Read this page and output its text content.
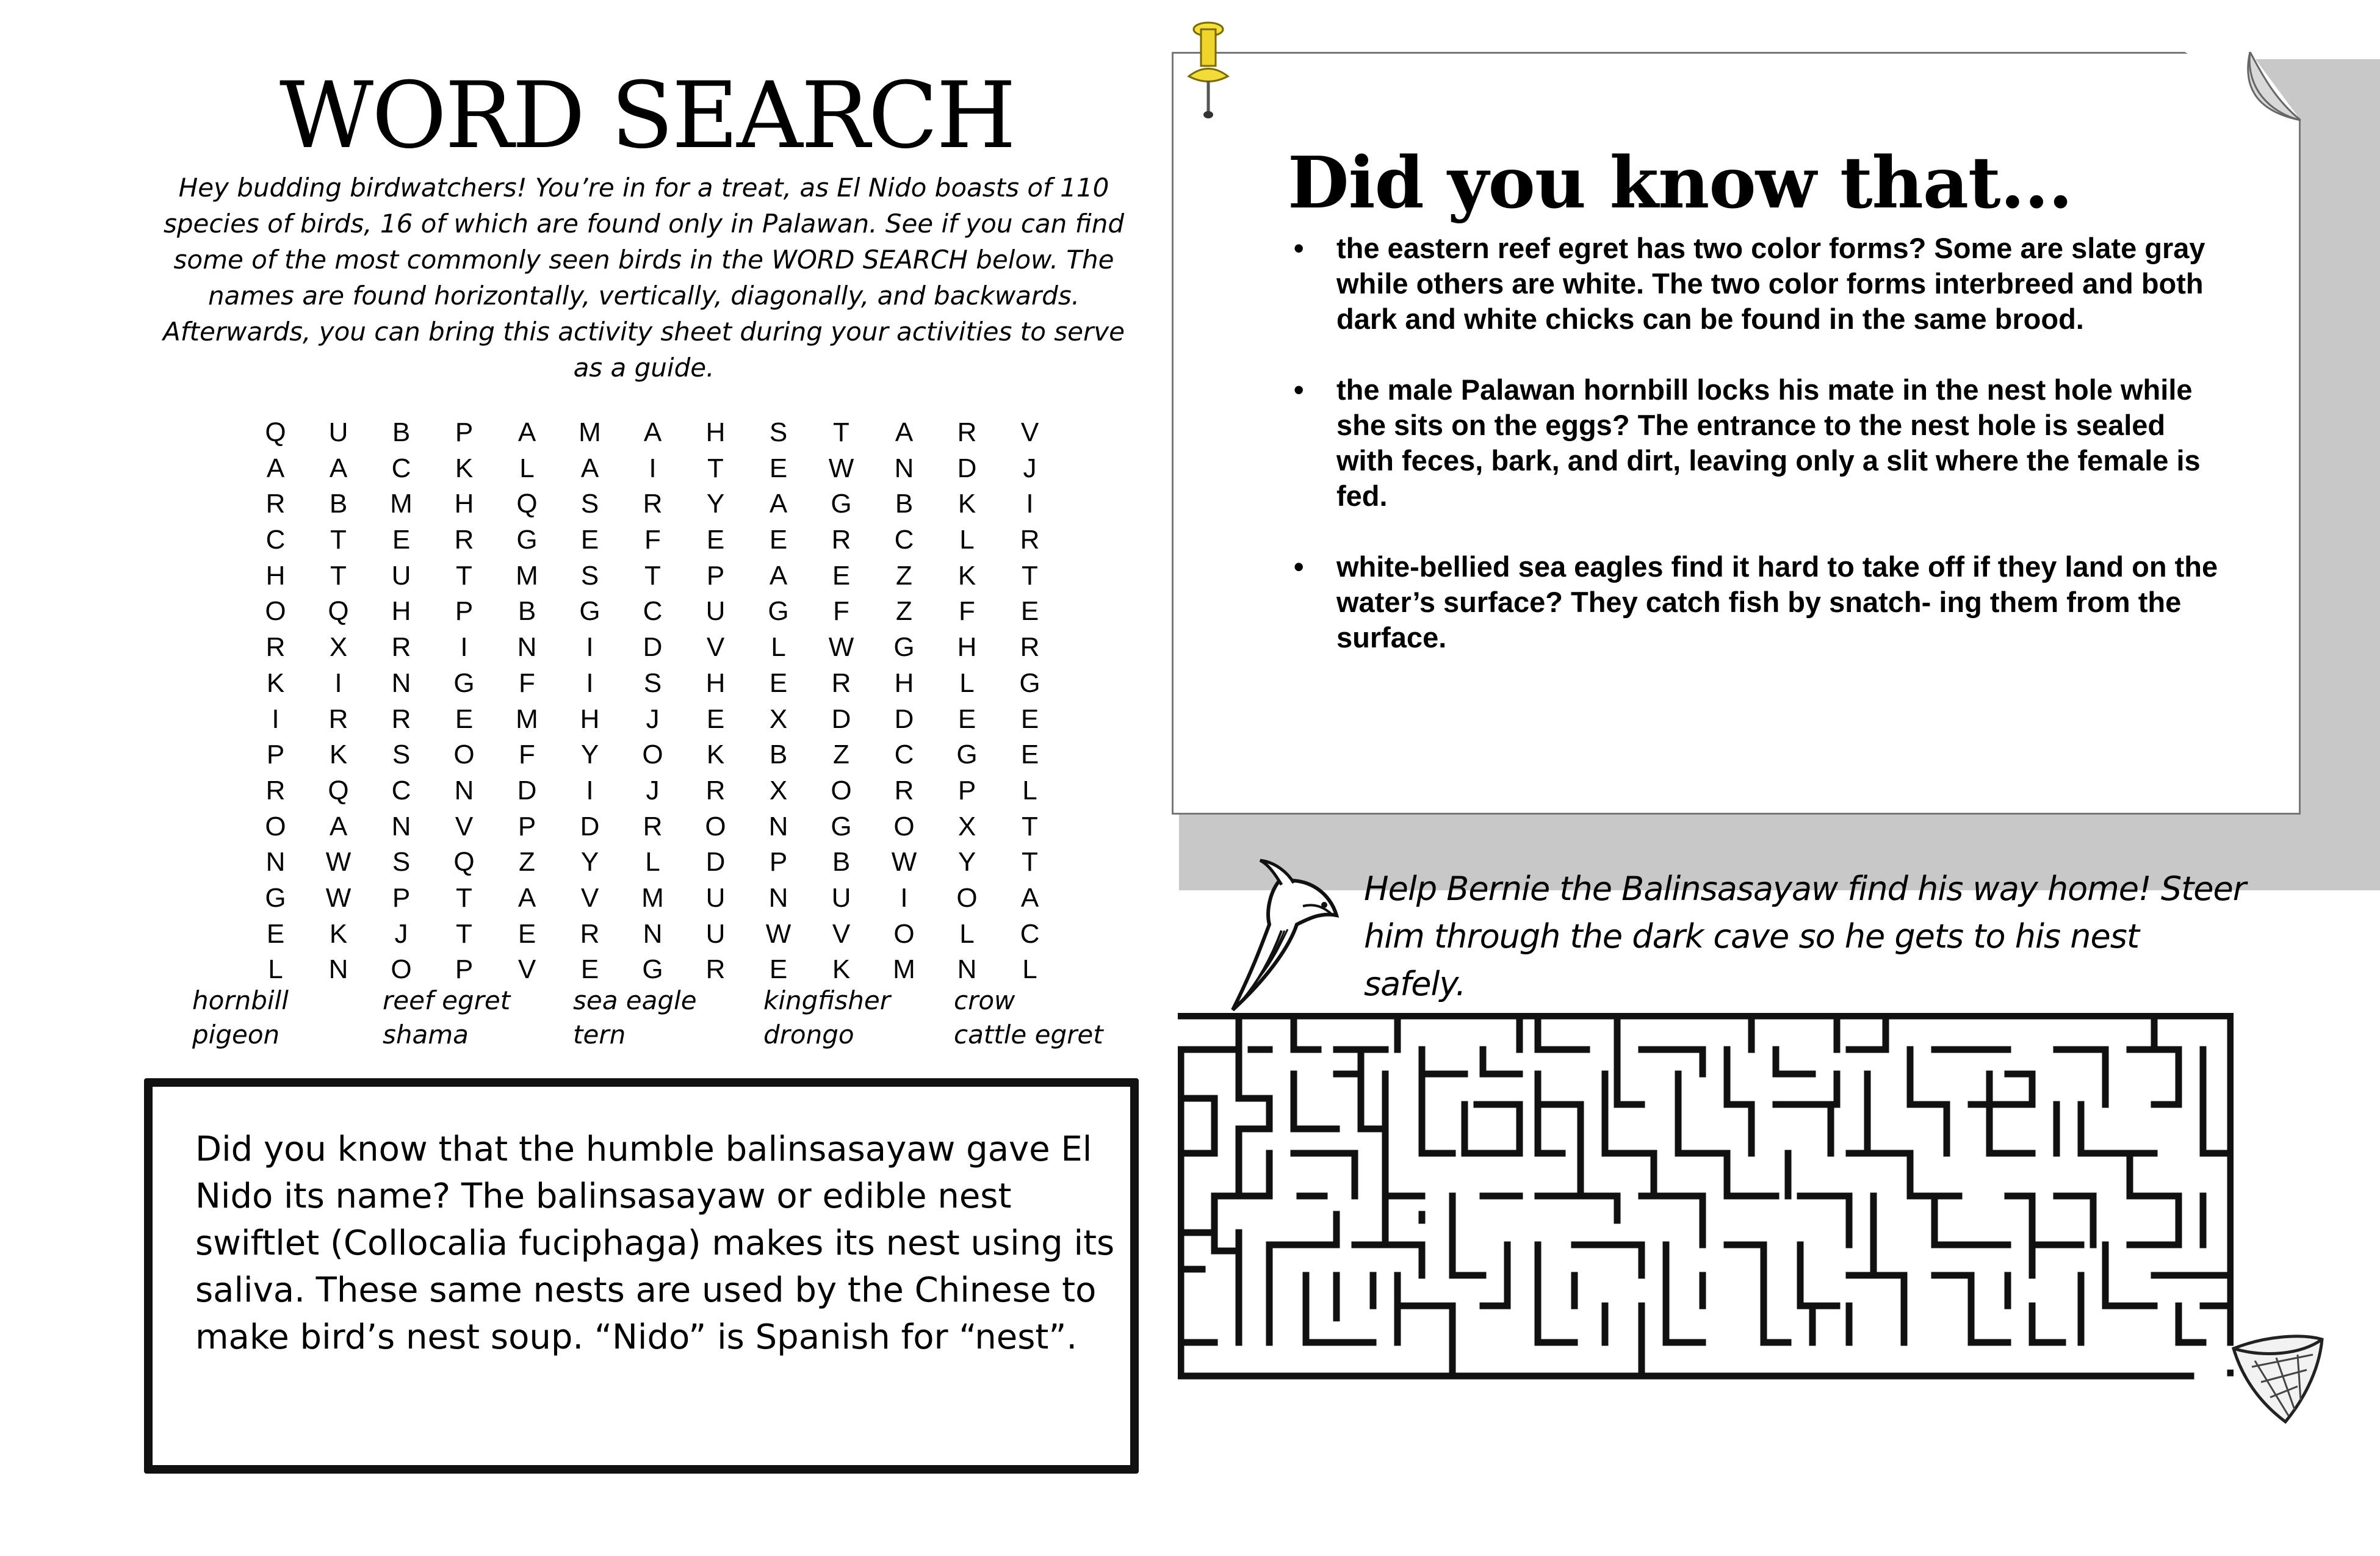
WORD SEARCH
Hey budding birdwatchers! You’re in for a treat, as El Nido boasts of 110 species of birds, 16 of which are found only in Palawan. See if you can find some of the most commonly seen birds in the WORD SEARCH below. The names are found horizontally, vertically, diagonally, and backwards. Afterwards, you can bring this activity sheet during your activities to serve as a guide.
Q	U	B	P	A	M	A	H	S	T	A	R	V
A	A	C	K	L	A	I	T	E	W	N	D	J
R	B	M	H	Q	S	R	Y	A	G	B	K	I
C	T	E	R	G	E	F	E	E	R	C	L	R
H	T	U	T	M	S	T	P	A	E	Z	K	T
O	Q	H	P	B	G	C	U	G	F	Z	F	E
R	X	R	I	N	I	D	V	L	W	G	H	R
K	I	N	G	F	I	S	H	E	R	H	L	G
I	R	R	E	M	H	J	E	X	D	D	E	E
P	K	S	O	F	Y	O	K	B	Z	C	G	E
R	Q	C	N	D	I	J	R	X	O	R	P	L
O	A	N	V	P	D	R	O	N	G	O	X	T
N	W	S	Q	Z	Y	L	D	P	B	W	Y	T
G	W	P	T	A	V	M	U	N	U	I	O	A
E	K	J	T	E	R	N	U	W	V	O	L	C
L	N	O	P	V	E	G	R	E	K	M	N	L
hornbill	reef egret	sea eagle	kingfisher	crow
pigeon	shama	tern	drongo	cattle egret
Did you know that the humble balinsasayaw gave El Nido its name? The balinsasayaw or edible nest swiftlet (Collocalia fuciphaga) makes its nest using its saliva. These same nests are used by the Chinese to make bird’s nest soup. “Nido” is Spanish for “nest”.
Did you know that...
• the eastern reef egret has two color forms? Some are slate gray while others are white. The two color forms interbreed and both dark and white chicks can be found in the same brood.
• the male Palawan hornbill locks his mate in the nest hole while she sits on the eggs? The entrance to the nest hole is sealed with feces, bark, and dirt, leaving only a slit where the female is fed.
• white-bellied sea eagles find it hard to take off if they land on the water’s surface? They catch fish by snatch- ing them from the surface.
Help Bernie the Balinsasayaw find his way home! Steer him through the dark cave so he gets to his nest safely.
